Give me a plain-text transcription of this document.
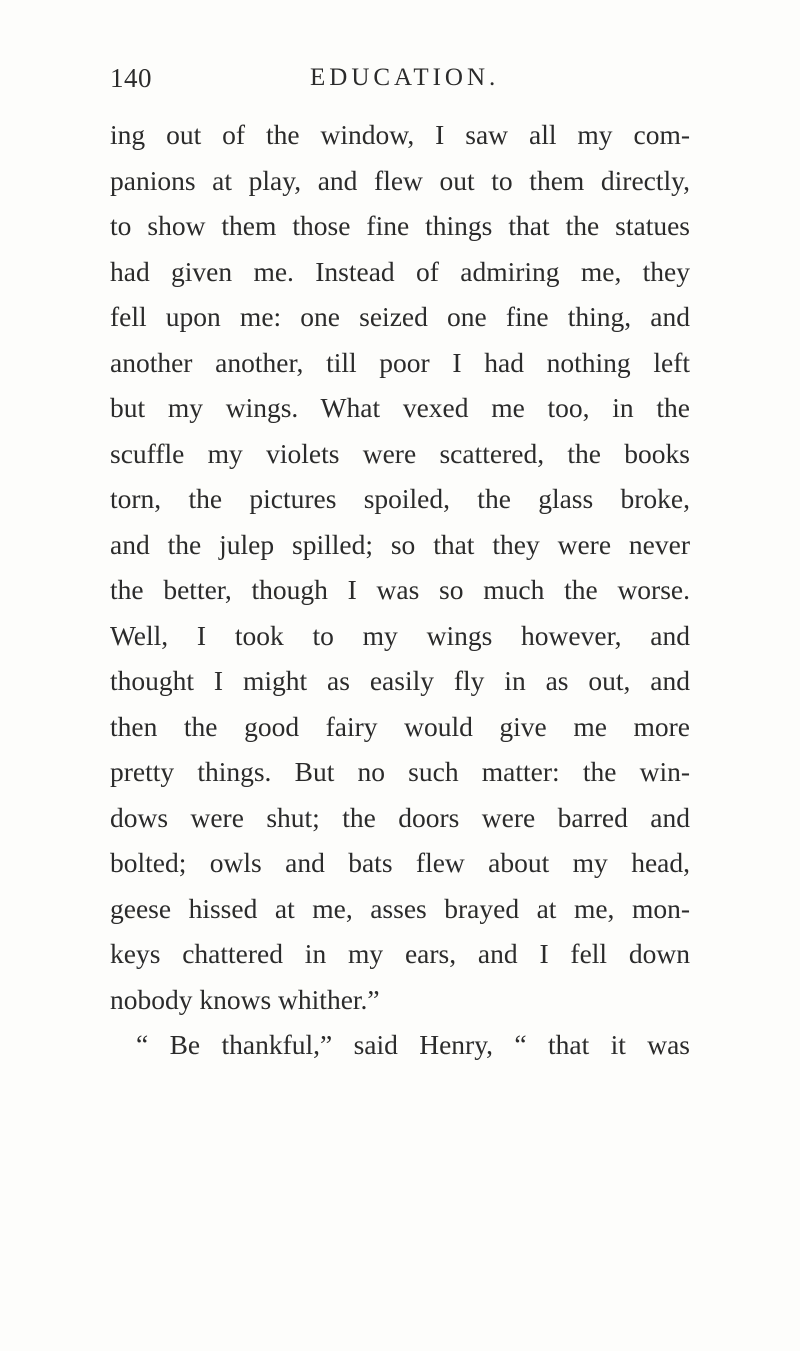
140	EDUCATION.
ing out of the window, I saw all my com-
panions at play, and flew out to them directly,
to show them those fine things that the statues
had given me. Instead of admiring me, they
fell upon me: one seized one fine thing, and
another another, till poor I had nothing left
but my wings. What vexed me too, in the
scuffle my violets were scattered, the books
torn, the pictures spoiled, the glass broke,
and the julep spilled; so that they were never
the better, though I was so much the worse.
Well, I took to my wings however, and
thought I might as easily fly in as out, and
then the good fairy would give me more
pretty things. But no such matter: the win-
dows were shut; the doors were barred and
bolted; owls and bats flew about my head,
geese hissed at me, asses brayed at me, mon-
keys chattered in my ears, and I fell down
nobody knows whither.”
“ Be thankful,” said Henry, “ that it was
